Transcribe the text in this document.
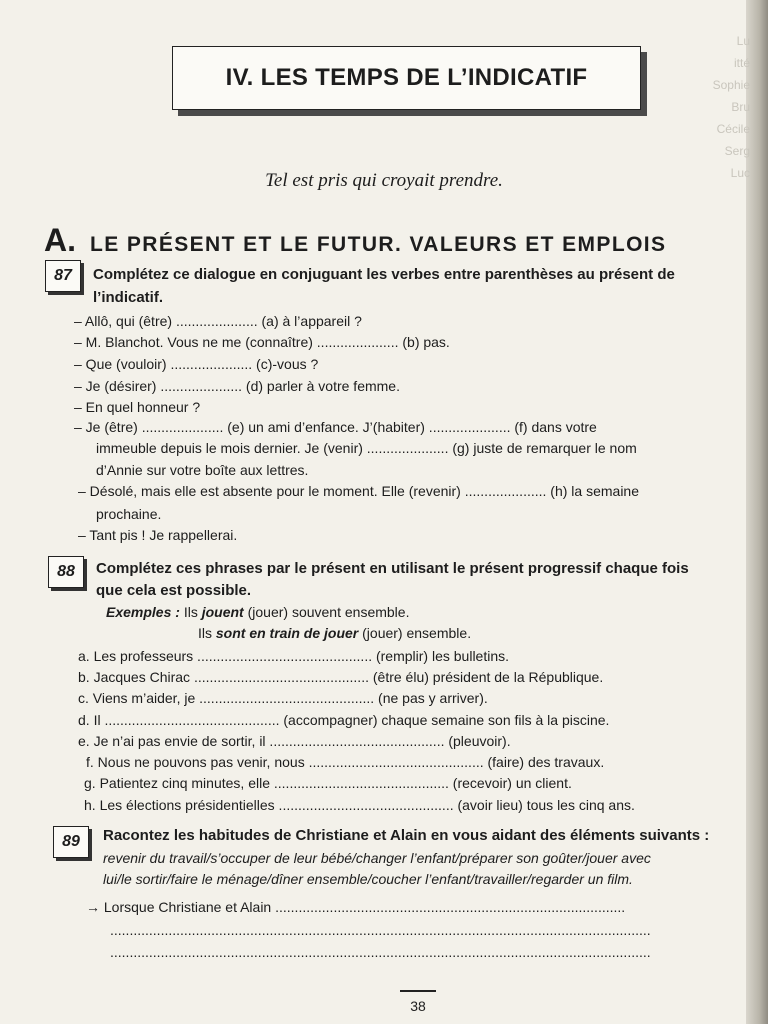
Lu
itté
Sophie
Bru
Cécile
Serg
Luc
IV. LES TEMPS DE L’INDICATIF
Tel est pris qui croyait prendre.
A. LE PRÉSENT ET LE FUTUR. VALEURS ET EMPLOIS
87	Complétez ce dialogue en conjuguant les verbes entre parenthèses au présent de
l’indicatif.
– Allô, qui (être) ..................... (a) à l’appareil ?
– M. Blanchot. Vous ne me (connaître) ..................... (b) pas.
– Que (vouloir) ..................... (c)-vous ?
– Je (désirer) ..................... (d) parler à votre femme.
– En quel honneur ?
– Je (être) ..................... (e) un ami d’enfance. J’(habiter) ..................... (f) dans votre
immeuble depuis le mois dernier. Je (venir) ..................... (g) juste de remarquer le nom
d’Annie sur votre boîte aux lettres.
– Désolé, mais elle est absente pour le moment. Elle (revenir) ..................... (h) la semaine
prochaine.
– Tant pis ! Je rappellerai.
88	Complétez ces phrases par le présent en utilisant le présent progressif chaque fois
que cela est possible.
Exemples : Ils jouent (jouer) souvent ensemble.
Ils sont en train de jouer (jouer) ensemble.
a. Les professeurs ............................................. (remplir) les bulletins.
b. Jacques Chirac ............................................. (être élu) président de la République.
c. Viens m’aider, je ............................................. (ne pas y arriver).
d. Il ............................................. (accompagner) chaque semaine son fils à la piscine.
e. Je n’ai pas envie de sortir, il ............................................. (pleuvoir).
f. Nous ne pouvons pas venir, nous ............................................. (faire) des travaux.
g. Patientez cinq minutes, elle ............................................. (recevoir) un client.
h. Les élections présidentielles ............................................. (avoir lieu) tous les cinq ans.
89	Racontez les habitudes de Christiane et Alain en vous aidant des éléments suivants :
revenir du travail/s’occuper de leur bébé/changer l’enfant/préparer son goûter/jouer avec
lui/le sortir/faire le ménage/dîner ensemble/coucher l’enfant/travailler/regarder un film.
→ Lorsque Christiane et Alain ..........................................................................................
...........................................................................................................................................
...........................................................................................................................................
38
